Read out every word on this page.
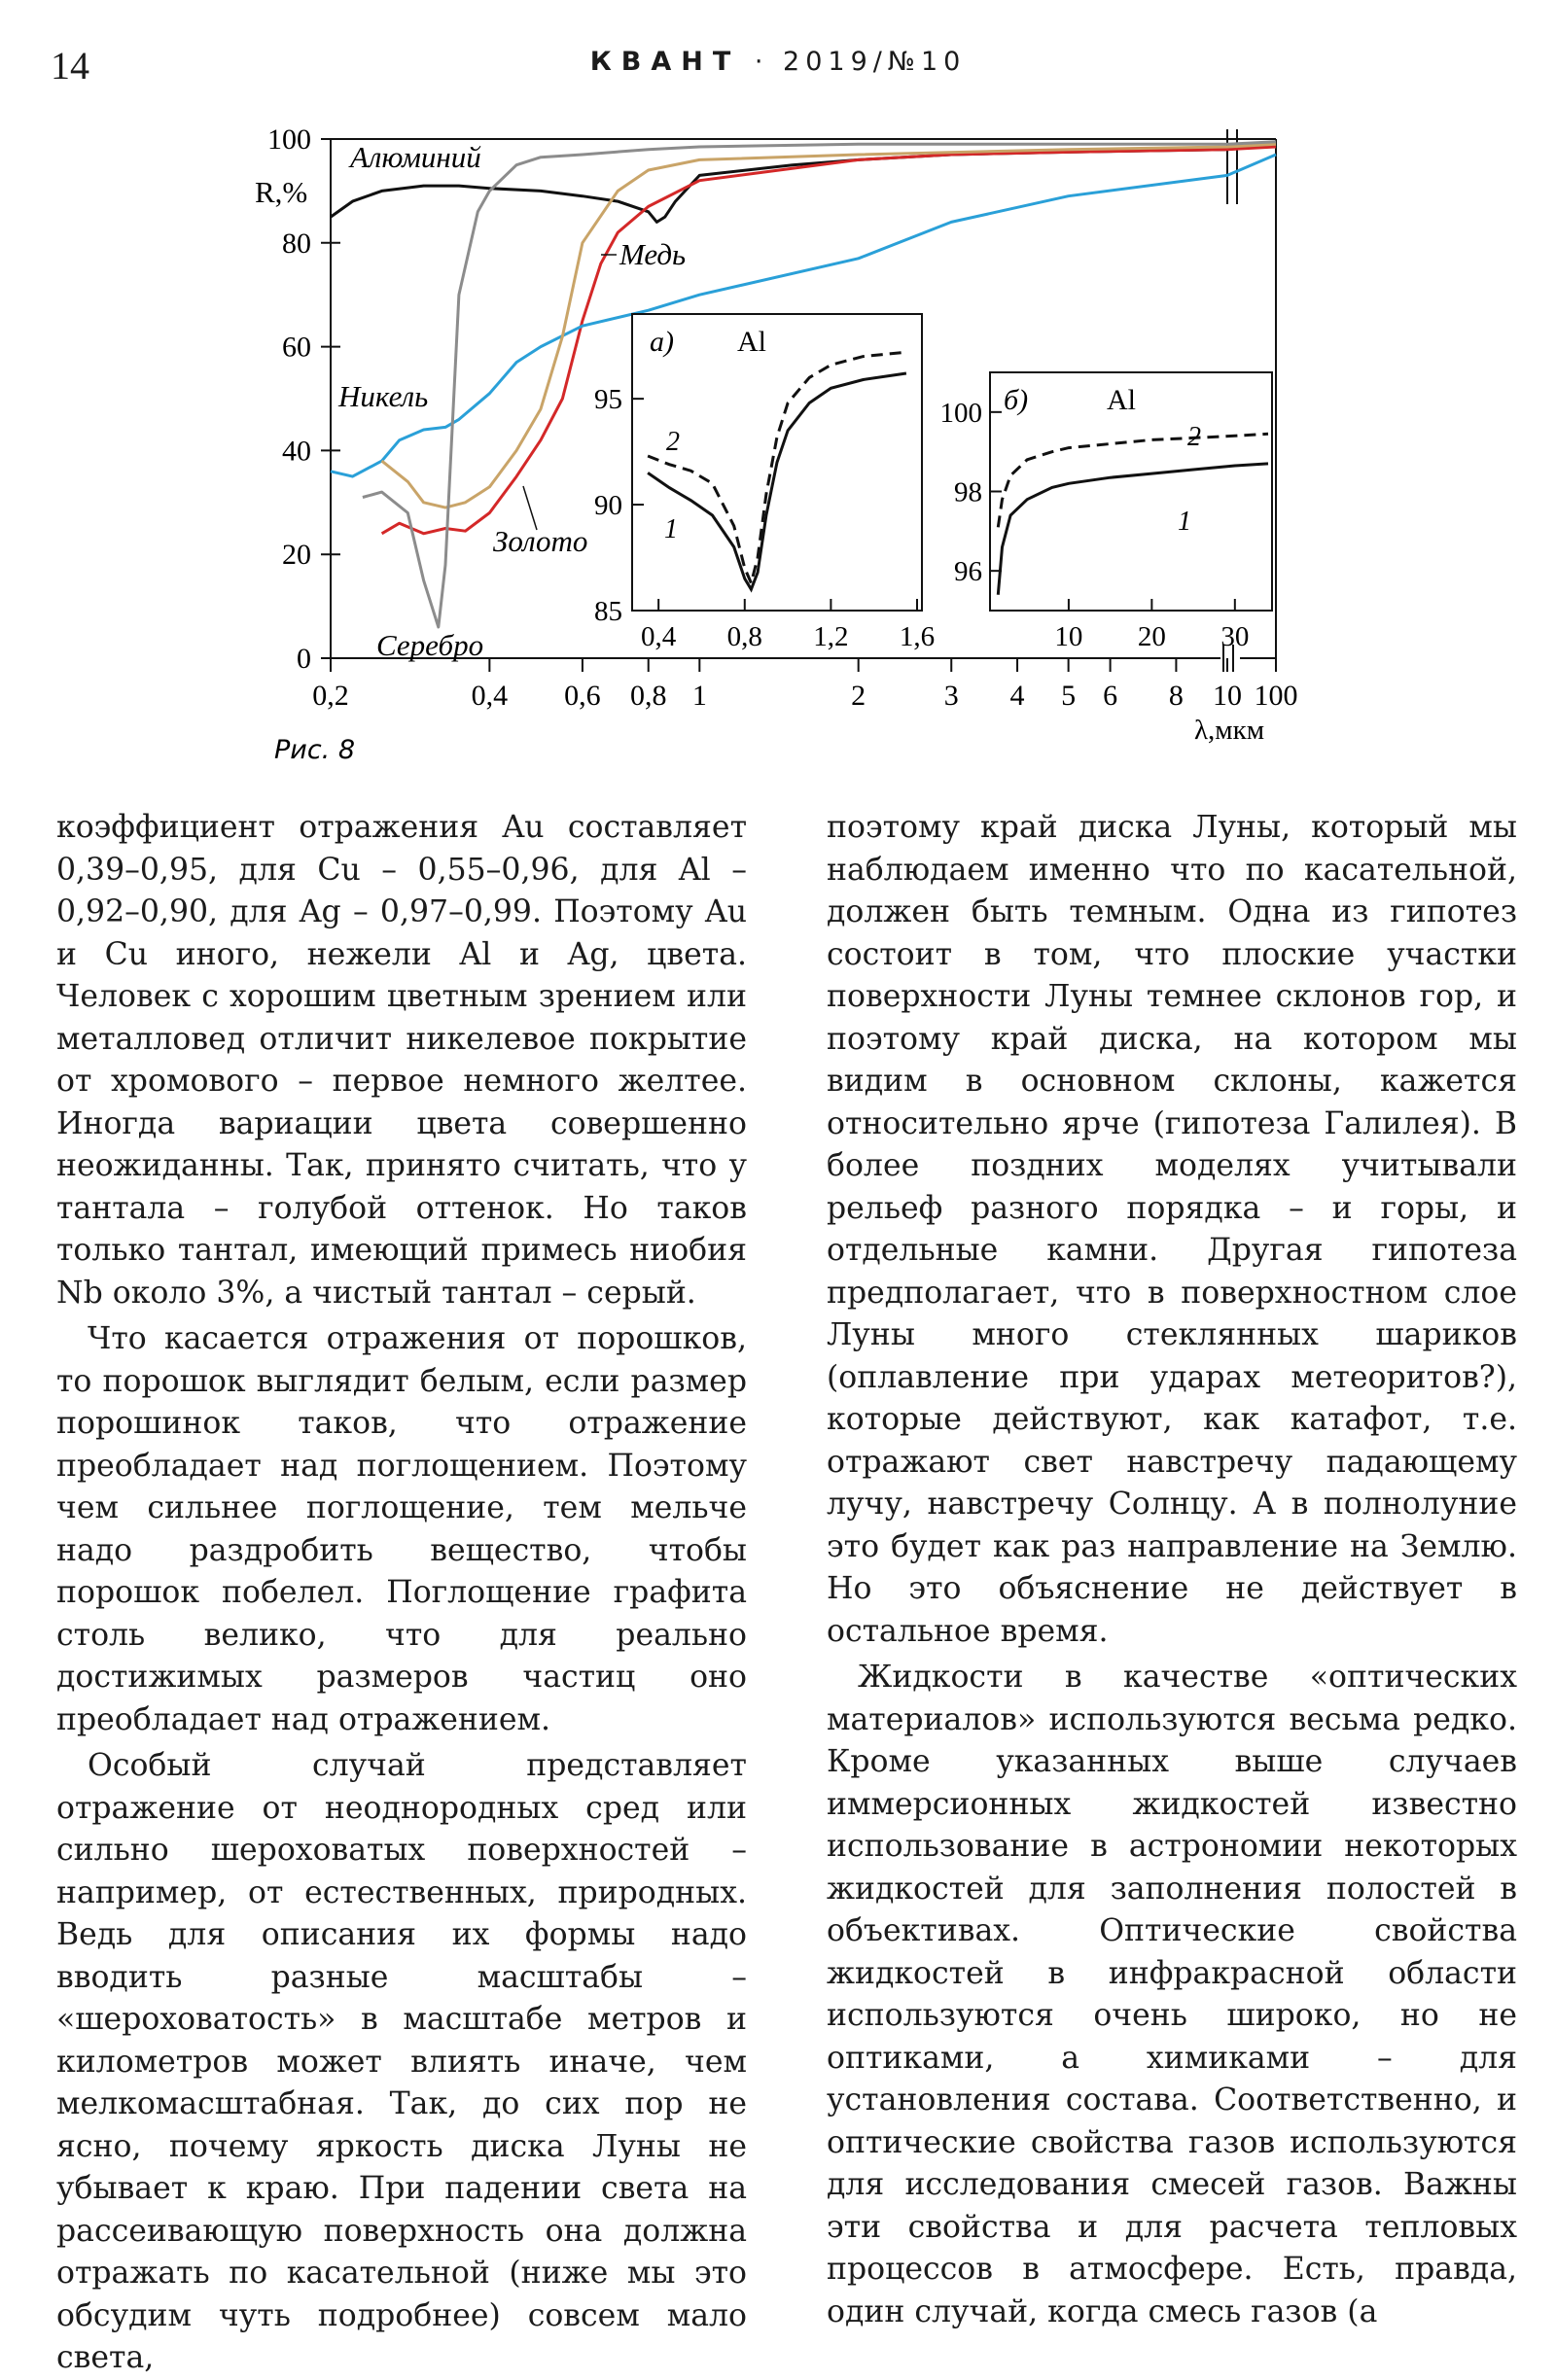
14	КВАНТ · 2019/№10
0
20
40
60
80
100
0,2	0,4 0,6 0,8 1	2	3 4 5 6 8 10 100
85
90
95
0,4 0,8 1,2 1,6
а) Al
2
1
96
98
100
10 20 30
б)	Al
2
1
Алюминий
Медь
Никель
Золото
Серебро
R,%
λ,мкм
Рис. 8

коэффициент отражения Au составляет 0,39–0,95, для Cu – 0,55–0,96, для Al – 0,92–0,90, для Ag – 0,97–0,99. Поэтому Au и Cu иного, нежели Al и Ag, цвета. Человек с хорошим цветным зрением или металловед отличит никелевое покрытие от хромового – первое немного желтее. Иногда вариации цвета совершенно неожиданны. Так, принято считать, что у тантала – голубой оттенок. Но таков только тантал, имеющий примесь ниобия Nb около 3%, а чистый тантал – серый.

Что касается отражения от порошков, то порошок выглядит белым, если размер порошинок таков, что отражение преобладает над поглощением. Поэтому чем сильнее поглощение, тем мельче надо раздробить вещество, чтобы порошок побелел. Поглощение графита столь велико, что для реально достижимых размеров частиц оно преобладает над отражением.

Особый случай представляет отражение от неоднородных сред или сильно шероховатых поверхностей – например, от естественных, природных. Ведь для описания их формы надо вводить разные масштабы – «шероховатость» в масштабе метров и километров может влиять иначе, чем мелкомасштабная. Так, до сих пор не ясно, почему яркость диска Луны не убывает к краю. При падении света на рассеивающую поверхность она должна отражать по касательной (ниже мы это обсудим чуть подробнее) совсем мало света,

поэтому край диска Луны, который мы наблюдаем именно что по касательной, должен быть темным. Одна из гипотез состоит в том, что плоские участки поверхности Луны темнее склонов гор, и поэтому край диска, на котором мы видим в основном склоны, кажется относительно ярче (гипотеза Галилея). В более поздних моделях учитывали рельеф разного порядка – и горы, и отдельные камни. Другая гипотеза предполагает, что в поверхностном слое Луны много стеклянных шариков (оплавление при ударах метеоритов?), которые действуют, как катафот, т.е. отражают свет навстречу падающему лучу, навстречу Солнцу. А в полнолуние это будет как раз направление на Землю. Но это объяснение не действует в остальное время.

Жидкости в качестве «оптических материалов» используются весьма редко. Кроме указанных выше случаев иммерсионных жидкостей известно использование в астрономии некоторых жидкостей для заполнения полостей в объективах. Оптические свойства жидкостей в инфракрасной области используются очень широко, но не оптиками, а химиками – для установления состава. Соответственно, и оптические свойства газов используются для исследования смесей газов. Важны эти свойства и для расчета тепловых процессов в атмосфере. Есть, правда, один случай, когда смесь газов (а
